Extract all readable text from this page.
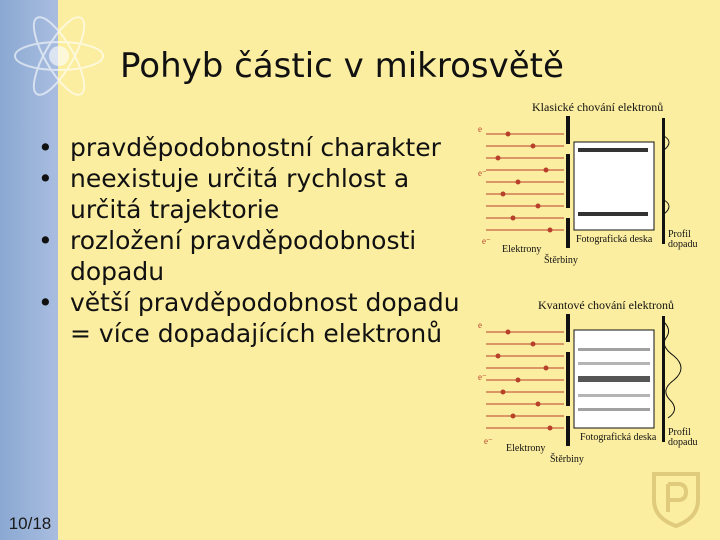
10/18
Pohyb částic v mikrosvětě
• pravděpodobnostní charakter
• neexistuje určitá rychlost a určitá trajektorie
• rozložení pravděpodobnosti dopadu
• větší pravděpodobnost dopadu = více dopadajících elektronů
Klasické chování elektronů
e
e⁻
e⁻
Elektrony
Štěrbiny
Fotografická deska Profil dopadu
Kvantové chování elektronů
e
e⁻
e⁻
Elektrony
Štěrbiny
Fotografická deska Profil dopadu
